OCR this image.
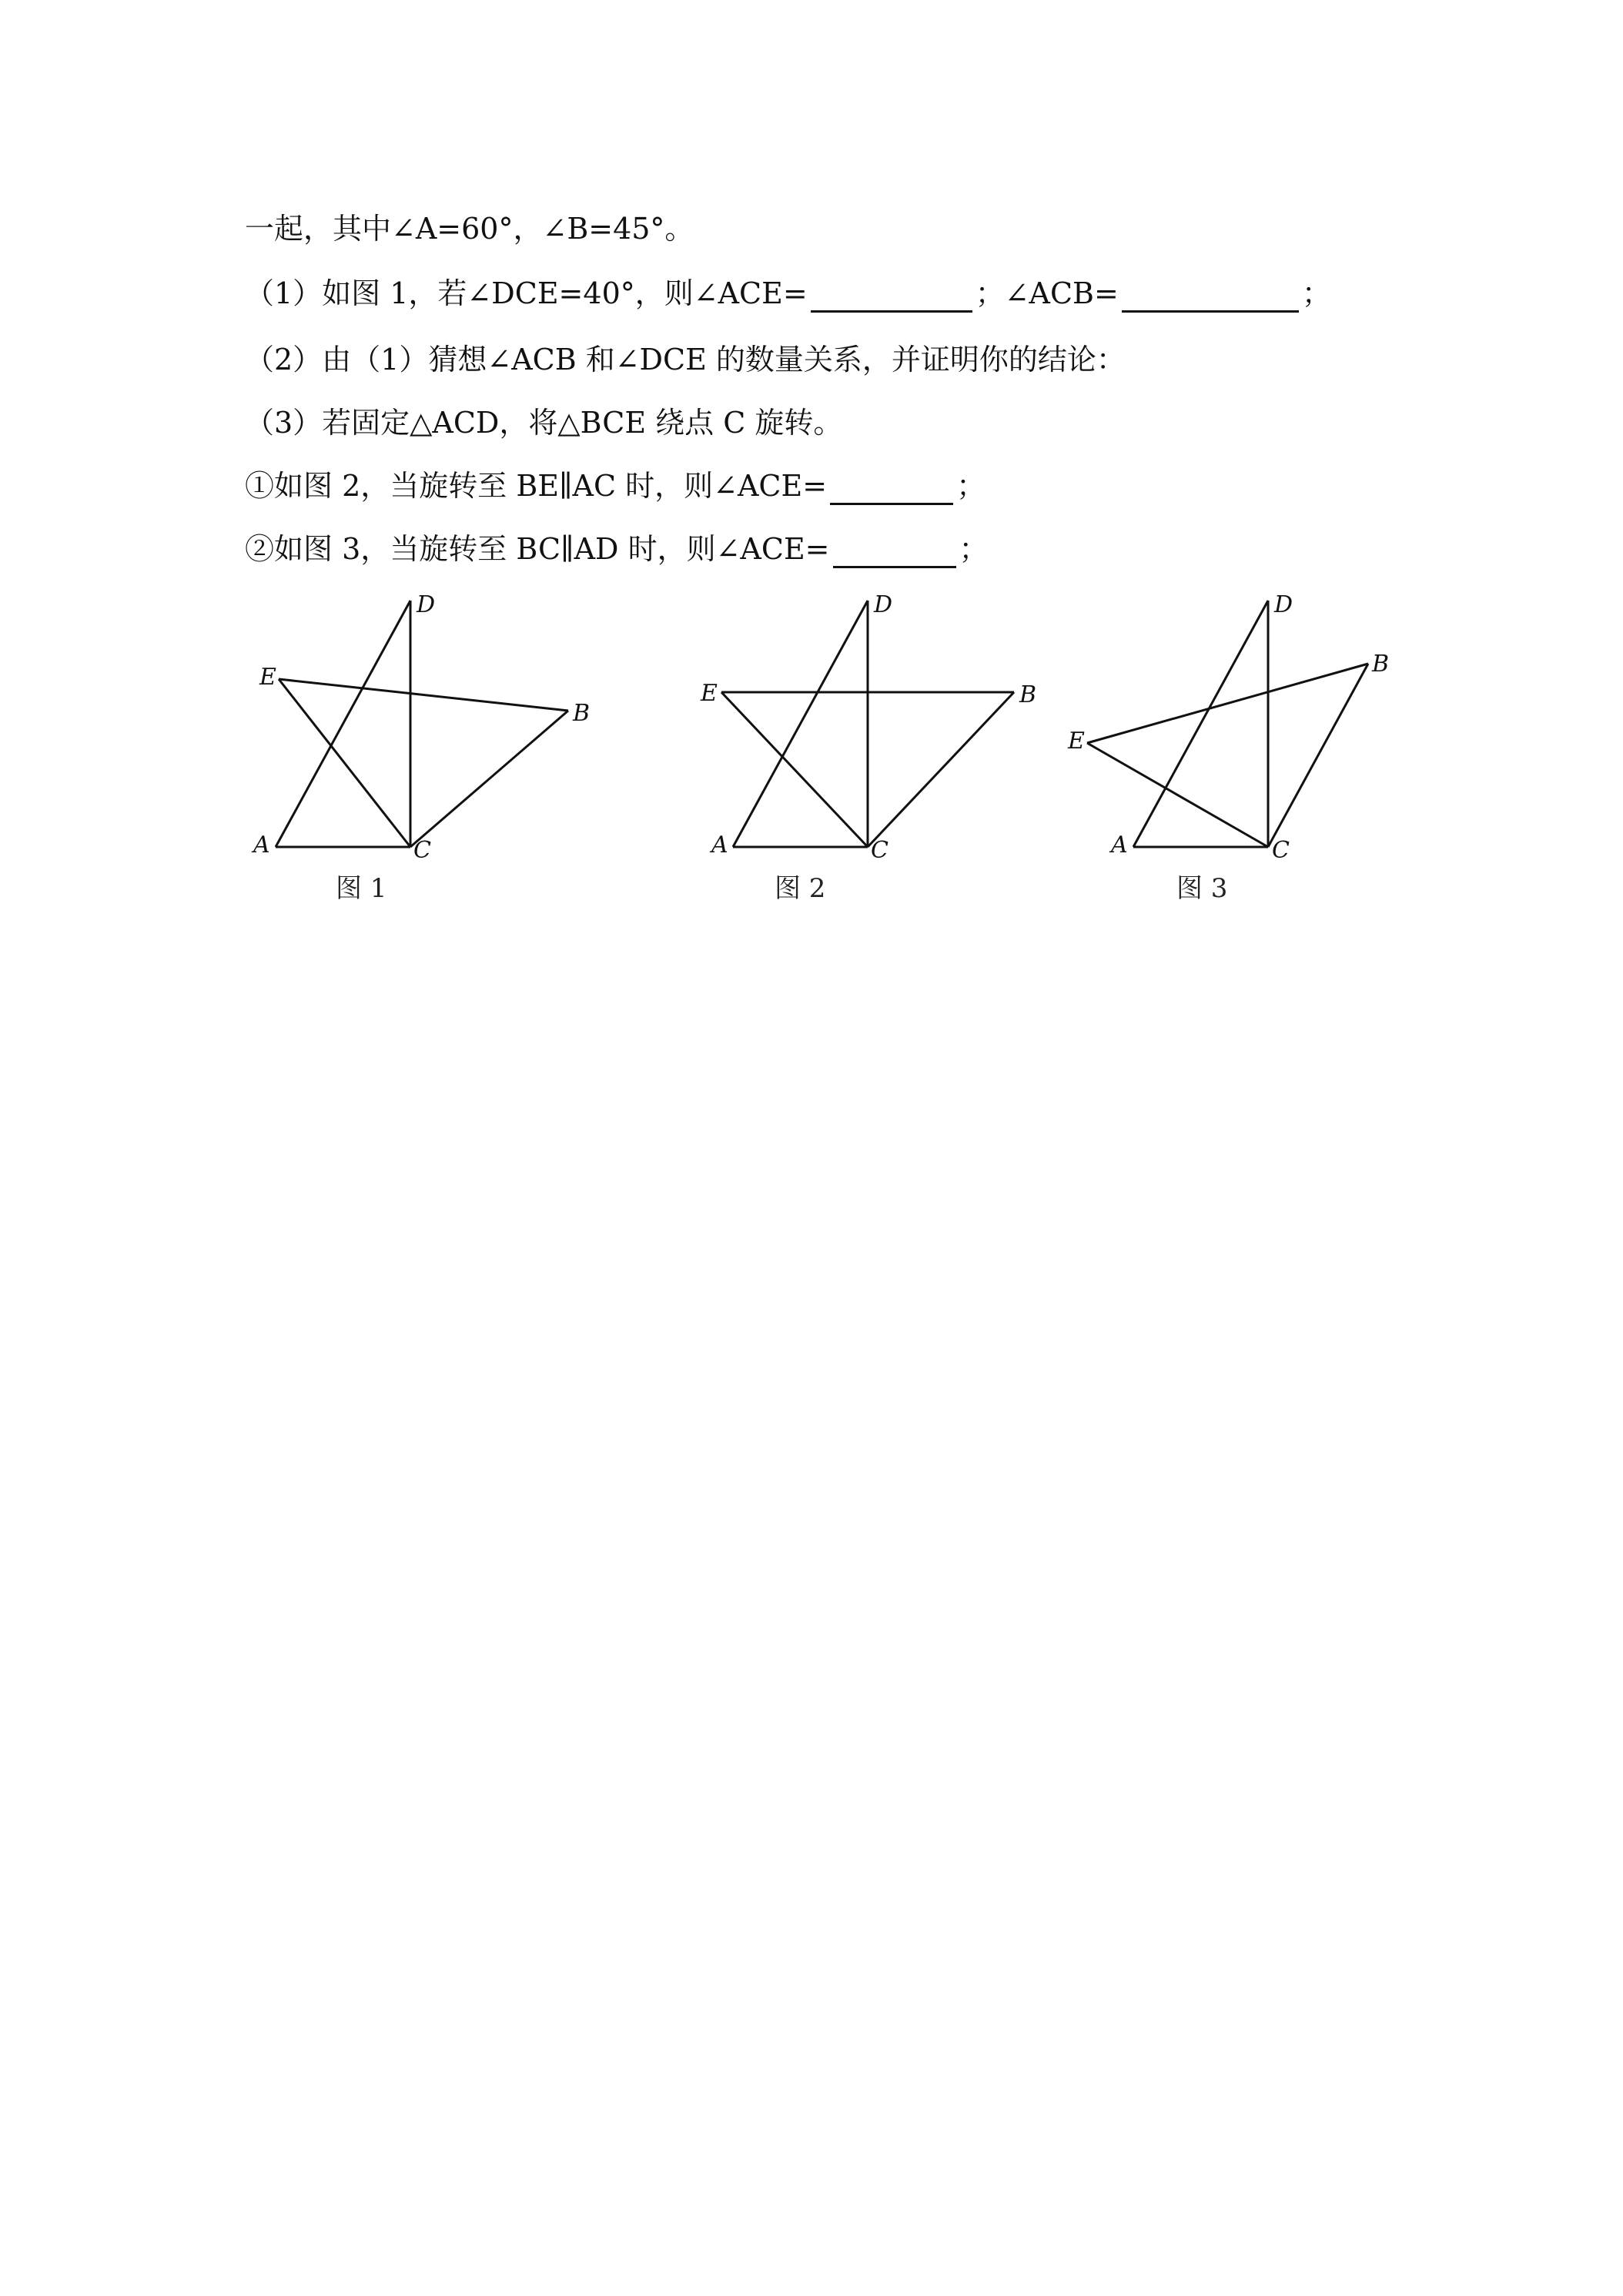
一起，其中∠A=60°，∠B=45°。
（1）如图 1，若∠DCE=40°，则∠ACE=	；∠ACB=	；
（2）由（1）猜想∠ACB 和∠DCE 的数量关系，并证明你的结论：
（3）若固定△ACD，将△BCE 绕点 C 旋转。
①如图 2，当旋转至 BE∥AC 时，则∠ACE=	；
②如图 3，当旋转至 BC∥AD 时，则∠ACE=	；
D
E
B
A	C
D
E	B
A	C
D
E
B
A	C
图 1	图 2	图 3
